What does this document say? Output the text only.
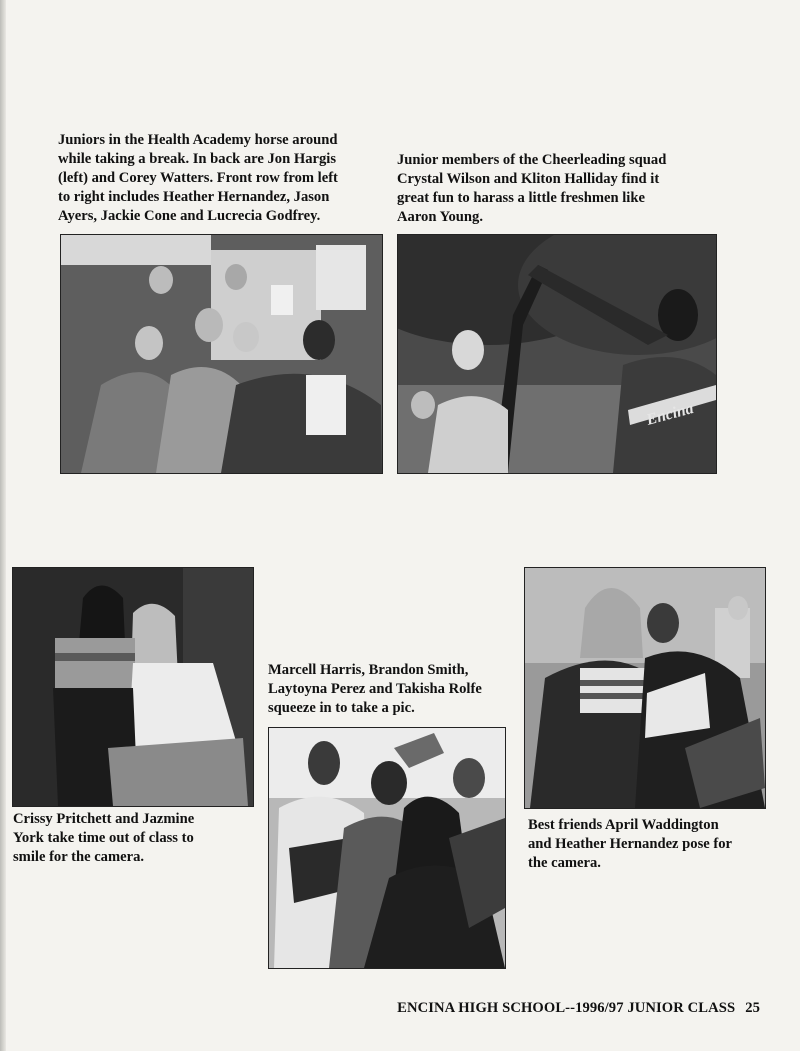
Juniors in the Health Academy horse around
while taking a break. In back are Jon Hargis
(left) and Corey Watters. Front row from left
to right includes Heather Hernandez, Jason
Ayers, Jackie Cone and Lucrecia Godfrey.

Junior members of the Cheerleading squad
Crystal Wilson and Kliton Halliday find it
great fun to harass a little freshmen like
Aaron Young.

Encina

Marcell Harris, Brandon Smith,
Laytoyna Perez and Takisha Rolfe
squeeze in to take a pic.

Crissy Pritchett and Jazmine
York take time out of class to
smile for the camera.

Best friends April Waddington
and Heather Hernandez pose for
the camera.

ENCINA HIGH SCHOOL--1996/97 JUNIOR CLASS 25
